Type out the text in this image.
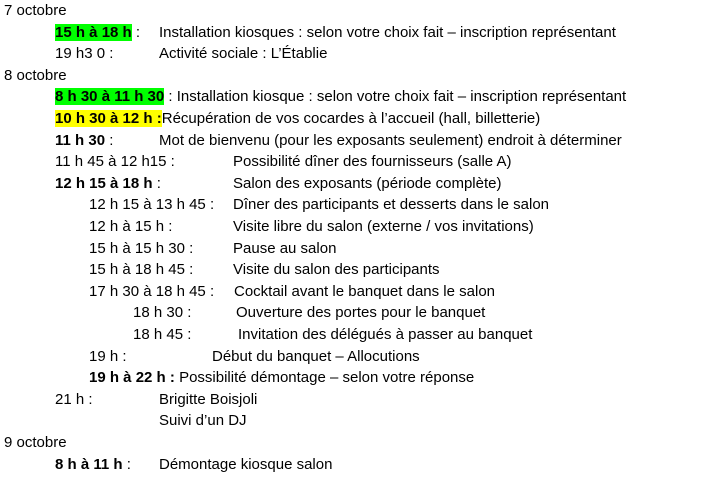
7 octobre
15 h à 18 h : Installation kiosques : selon votre choix fait – inscription représentant
19 h3 0 :	Activité sociale : L’Établie
8 octobre
8 h 30 à 11 h 30 : Installation kiosque : selon votre choix fait – inscription représentant
10 h 30 à 12 h :Récupération de vos cocardes à l’accueil (hall, billetterie)
11 h 30 :	Mot de bienvenu (pour les exposants seulement) endroit à déterminer
11 h 45 à 12 h15 :	Possibilité dîner des fournisseurs (salle A)
12 h 15 à 18 h :	Salon des exposants (période complète)
12 h 15 à 13 h 45 : Dîner des participants et desserts dans le salon
12 h à 15 h :	Visite libre du salon (externe / vos invitations)
15 h à 15 h 30 :	Pause au salon
15 h à 18 h 45 :	Visite du salon des participants
17 h 30 à 18 h 45 : Cocktail avant le banquet dans le salon
18 h 30 :	Ouverture des portes pour le banquet
18 h 45 :	Invitation des délégués à passer au banquet
19 h :	Début du banquet – Allocutions
19 h à 22 h : Possibilité démontage – selon votre réponse
21 h :	Brigitte Boisjoli
Suivi d’un DJ
9 octobre
8 h à 11 h : Démontage kiosque salon
